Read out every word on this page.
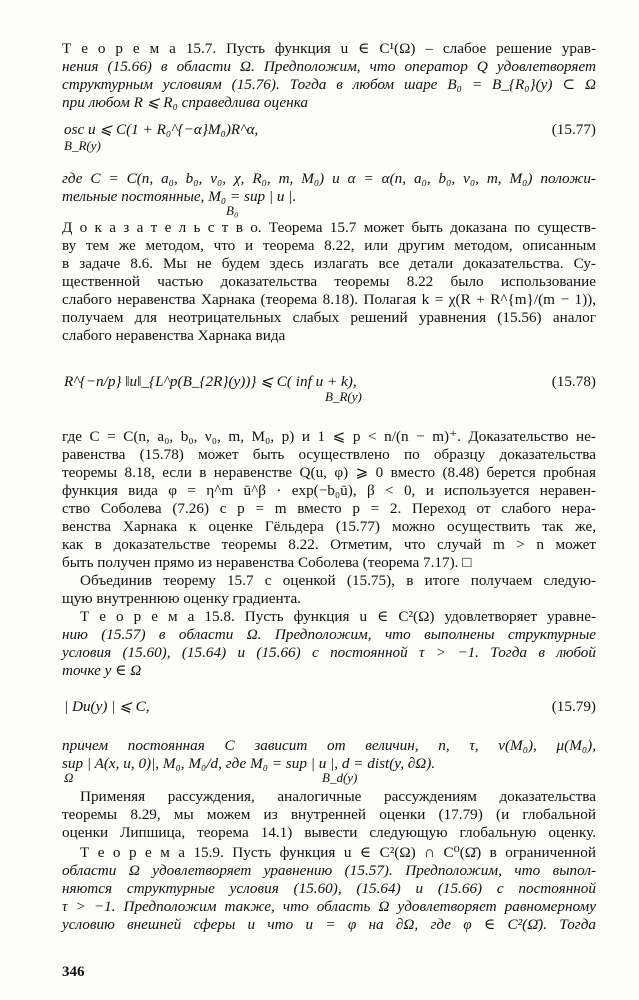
Т е о р е м а 15.7. Пусть функция u ∈ C¹(Ω) – слабое решение урав-
нения (15.66) в области Ω. Предположим, что оператор Q удовлетворяет
структурным условиям (15.76). Тогда в любом шаре B₀ = B_{R₀}(y) ⊂ Ω
при любом R ⩽ R₀ справедлива оценка
osc u ⩽ C(1 + R₀^{−α}M₀)R^α,	(15.77)
B_R(y)
где C = C(n, a₀, b₀, ν₀, χ, R₀, m, M₀) и α = α(n, a₀, b₀, ν₀, m, M₀) положи-
тельные постоянные, M₀ = sup | u |.
B₀
Д о к а з а т е л ь с т в о. Теорема 15.7 может быть доказана по существ-
ву тем же методом, что и теорема 8.22, или другим методом, описанным
в задаче 8.6. Мы не будем здесь излагать все детали доказательства. Су-
щественной частью доказательства теоремы 8.22 было использование
слабого неравенства Харнака (теорема 8.18). Полагая k = χ(R + R^{m}/(m − 1)),
получаем для неотрицательных слабых решений уравнения (15.56) аналог
слабого неравенства Харнака вида
R^{−n/p} ‖u‖_{L^p(B_{2R}(y))} ⩽ C( inf u + k),	(15.78)
B_R(y)
где C = C(n, a₀, b₀, ν₀, m, M₀, p) и 1 ⩽ p < n/(n − m)⁺. Доказательство не-
равенства (15.78) может быть осуществлено по образцу доказательства
теоремы 8.18, если в неравенстве Q(u, φ) ⩾ 0 вместо (8.48) берется пробная
функция вида φ = η^m ū^β · exp(−b₀ū), β < 0, и используется неравен-
ство Соболева (7.26) с p = m вместо p = 2. Переход от слабого нера-
венства Харнака к оценке Гёльдера (15.77) можно осуществить так же,
как в доказательстве теоремы 8.22. Отметим, что случай m > n может
быть получен прямо из неравенства Соболева (теорема 7.17). □
Объединив теорему 15.7 с оценкой (15.75), в итоге получаем следую-
щую внутреннюю оценку градиента.
Т е о р е м а 15.8. Пусть функция u ∈ C²(Ω) удовлетворяет уравне-
нию (15.57) в области Ω. Предположим, что выполнены структурные
условия (15.60), (15.64) и (15.66) с постоянной τ > −1. Тогда в любой
точке y ∈ Ω
| Du(y) | ⩽ C,	(15.79)
причем постоянная C зависит от величин, n, τ, ν(M₀), μ(M₀),
sup | A(x, u, 0)|, M₀, M₀/d, где M₀ = sup | u |, d = dist(y, ∂Ω).
Ω	B_d(y)
Применяя рассуждения, аналогичные рассуждениям доказательства
теоремы 8.29, мы можем из внутренней оценки (17.79) (и глобальной
оценки Липшица, теорема 14.1) вывести следующую глобальную оценку.
Т е о р е м а 15.9. Пусть функция u ∈ C²(Ω) ∩ C⁰(Ω̄) в ограниченной
области Ω удовлетворяет уравнению (15.57). Предположим, что выпол-
няются структурные условия (15.60), (15.64) и (15.66) с постоянной
τ > −1. Предположим также, что область Ω удовлетворяет равномерному
условию внешней сферы и что u = φ на ∂Ω, где φ ∈ C²(Ω̄). Тогда
346
